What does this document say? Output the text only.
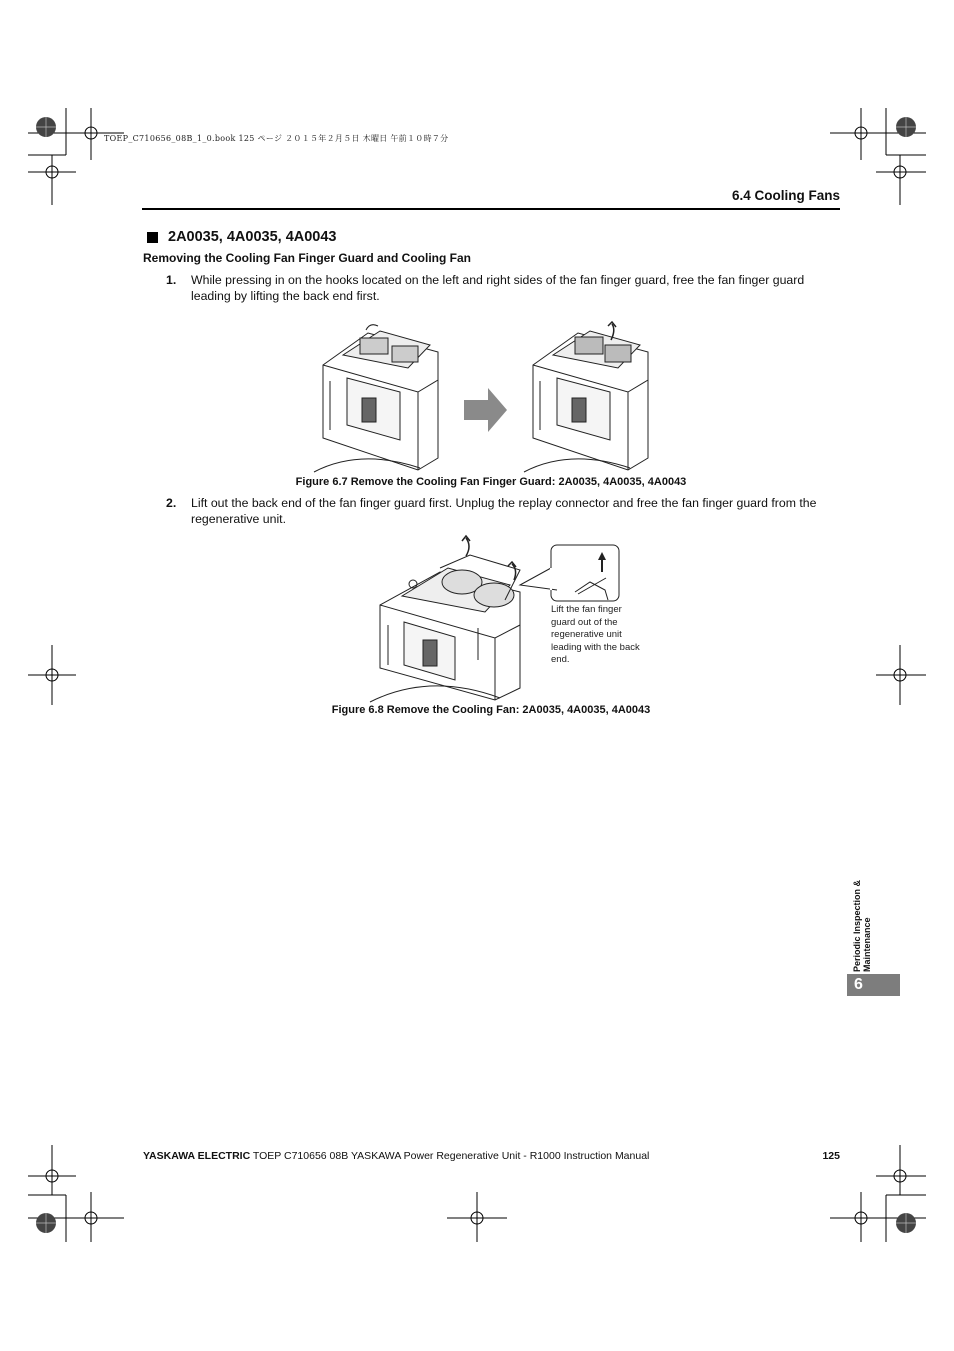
TOEP_C710656_08B_1_0.book 125 ページ ２０１５年２月５日 木曜日 午前１０時７分
6.4 Cooling Fans
2A0035, 4A0035, 4A0043
Removing the Cooling Fan Finger Guard and Cooling Fan
1.	While pressing in on the hooks located on the left and right sides of the fan finger guard, free the fan finger guard leading by lifting the back end first.
Figure 6.7 Remove the Cooling Fan Finger Guard: 2A0035, 4A0035, 4A0043
2.	Lift out the back end of the fan finger guard first. Unplug the replay connector and free the fan finger guard from the regenerative unit.
Lift the fan finger guard out of the regenerative unit leading with the back end.
Figure 6.8 Remove the Cooling Fan: 2A0035, 4A0035, 4A0043
Periodic Inspection & Maintenance
6
YASKAWA ELECTRIC TOEP C710656 08B YASKAWA Power Regenerative Unit - R1000 Instruction Manual	125
